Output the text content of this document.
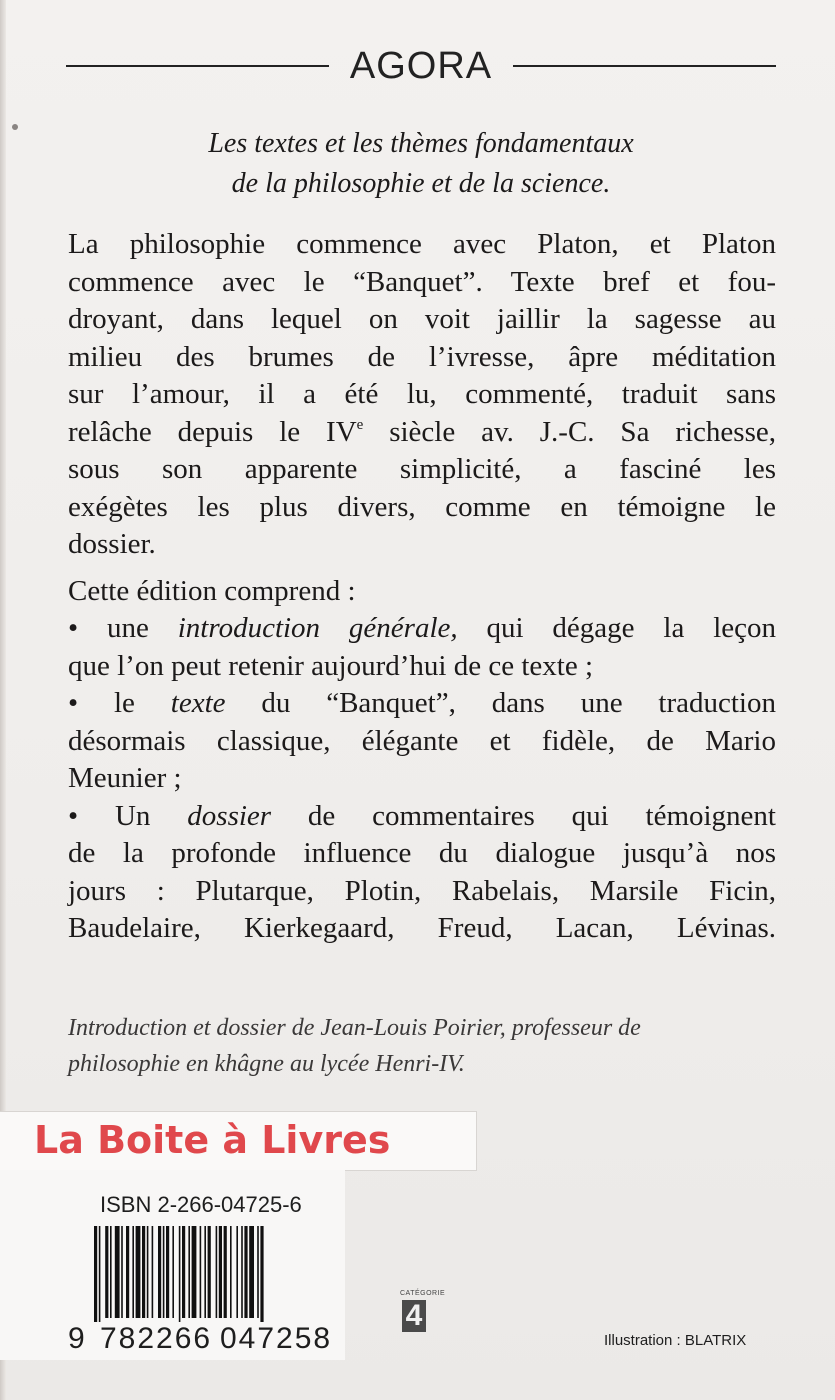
AGORA
Les textes et les thèmes fondamentaux
de la philosophie et de la science.
La philosophie commence avec Platon, et Platon
commence avec le “Banquet”. Texte bref et fou-
droyant, dans lequel on voit jaillir la sagesse au
milieu des brumes de l’ivresse, âpre méditation
sur l’amour, il a été lu, commenté, traduit sans
relâche depuis le IVe siècle av. J.-C. Sa richesse,
sous son apparente simplicité, a fasciné les
exégètes les plus divers, comme en témoigne le
dossier.
Cette édition comprend :
• une introduction générale, qui dégage la leçon
que l’on peut retenir aujourd’hui de ce texte ;
• le texte du “Banquet”, dans une traduction
désormais classique, élégante et fidèle, de Mario
Meunier ;
• Un dossier de commentaires qui témoignent
de la profonde influence du dialogue jusqu’à nos
jours : Plutarque, Plotin, Rabelais, Marsile Ficin,
Baudelaire, Kierkegaard, Freud, Lacan, Lévinas.
Introduction et dossier de Jean-Louis Poirier, professeur de
philosophie en khâgne au lycée Henri-IV.
La Boite à Livres
ISBN 2-266-04725-6
9 782266 047258
CATÉGORIE
4
Illustration : BLATRIX
